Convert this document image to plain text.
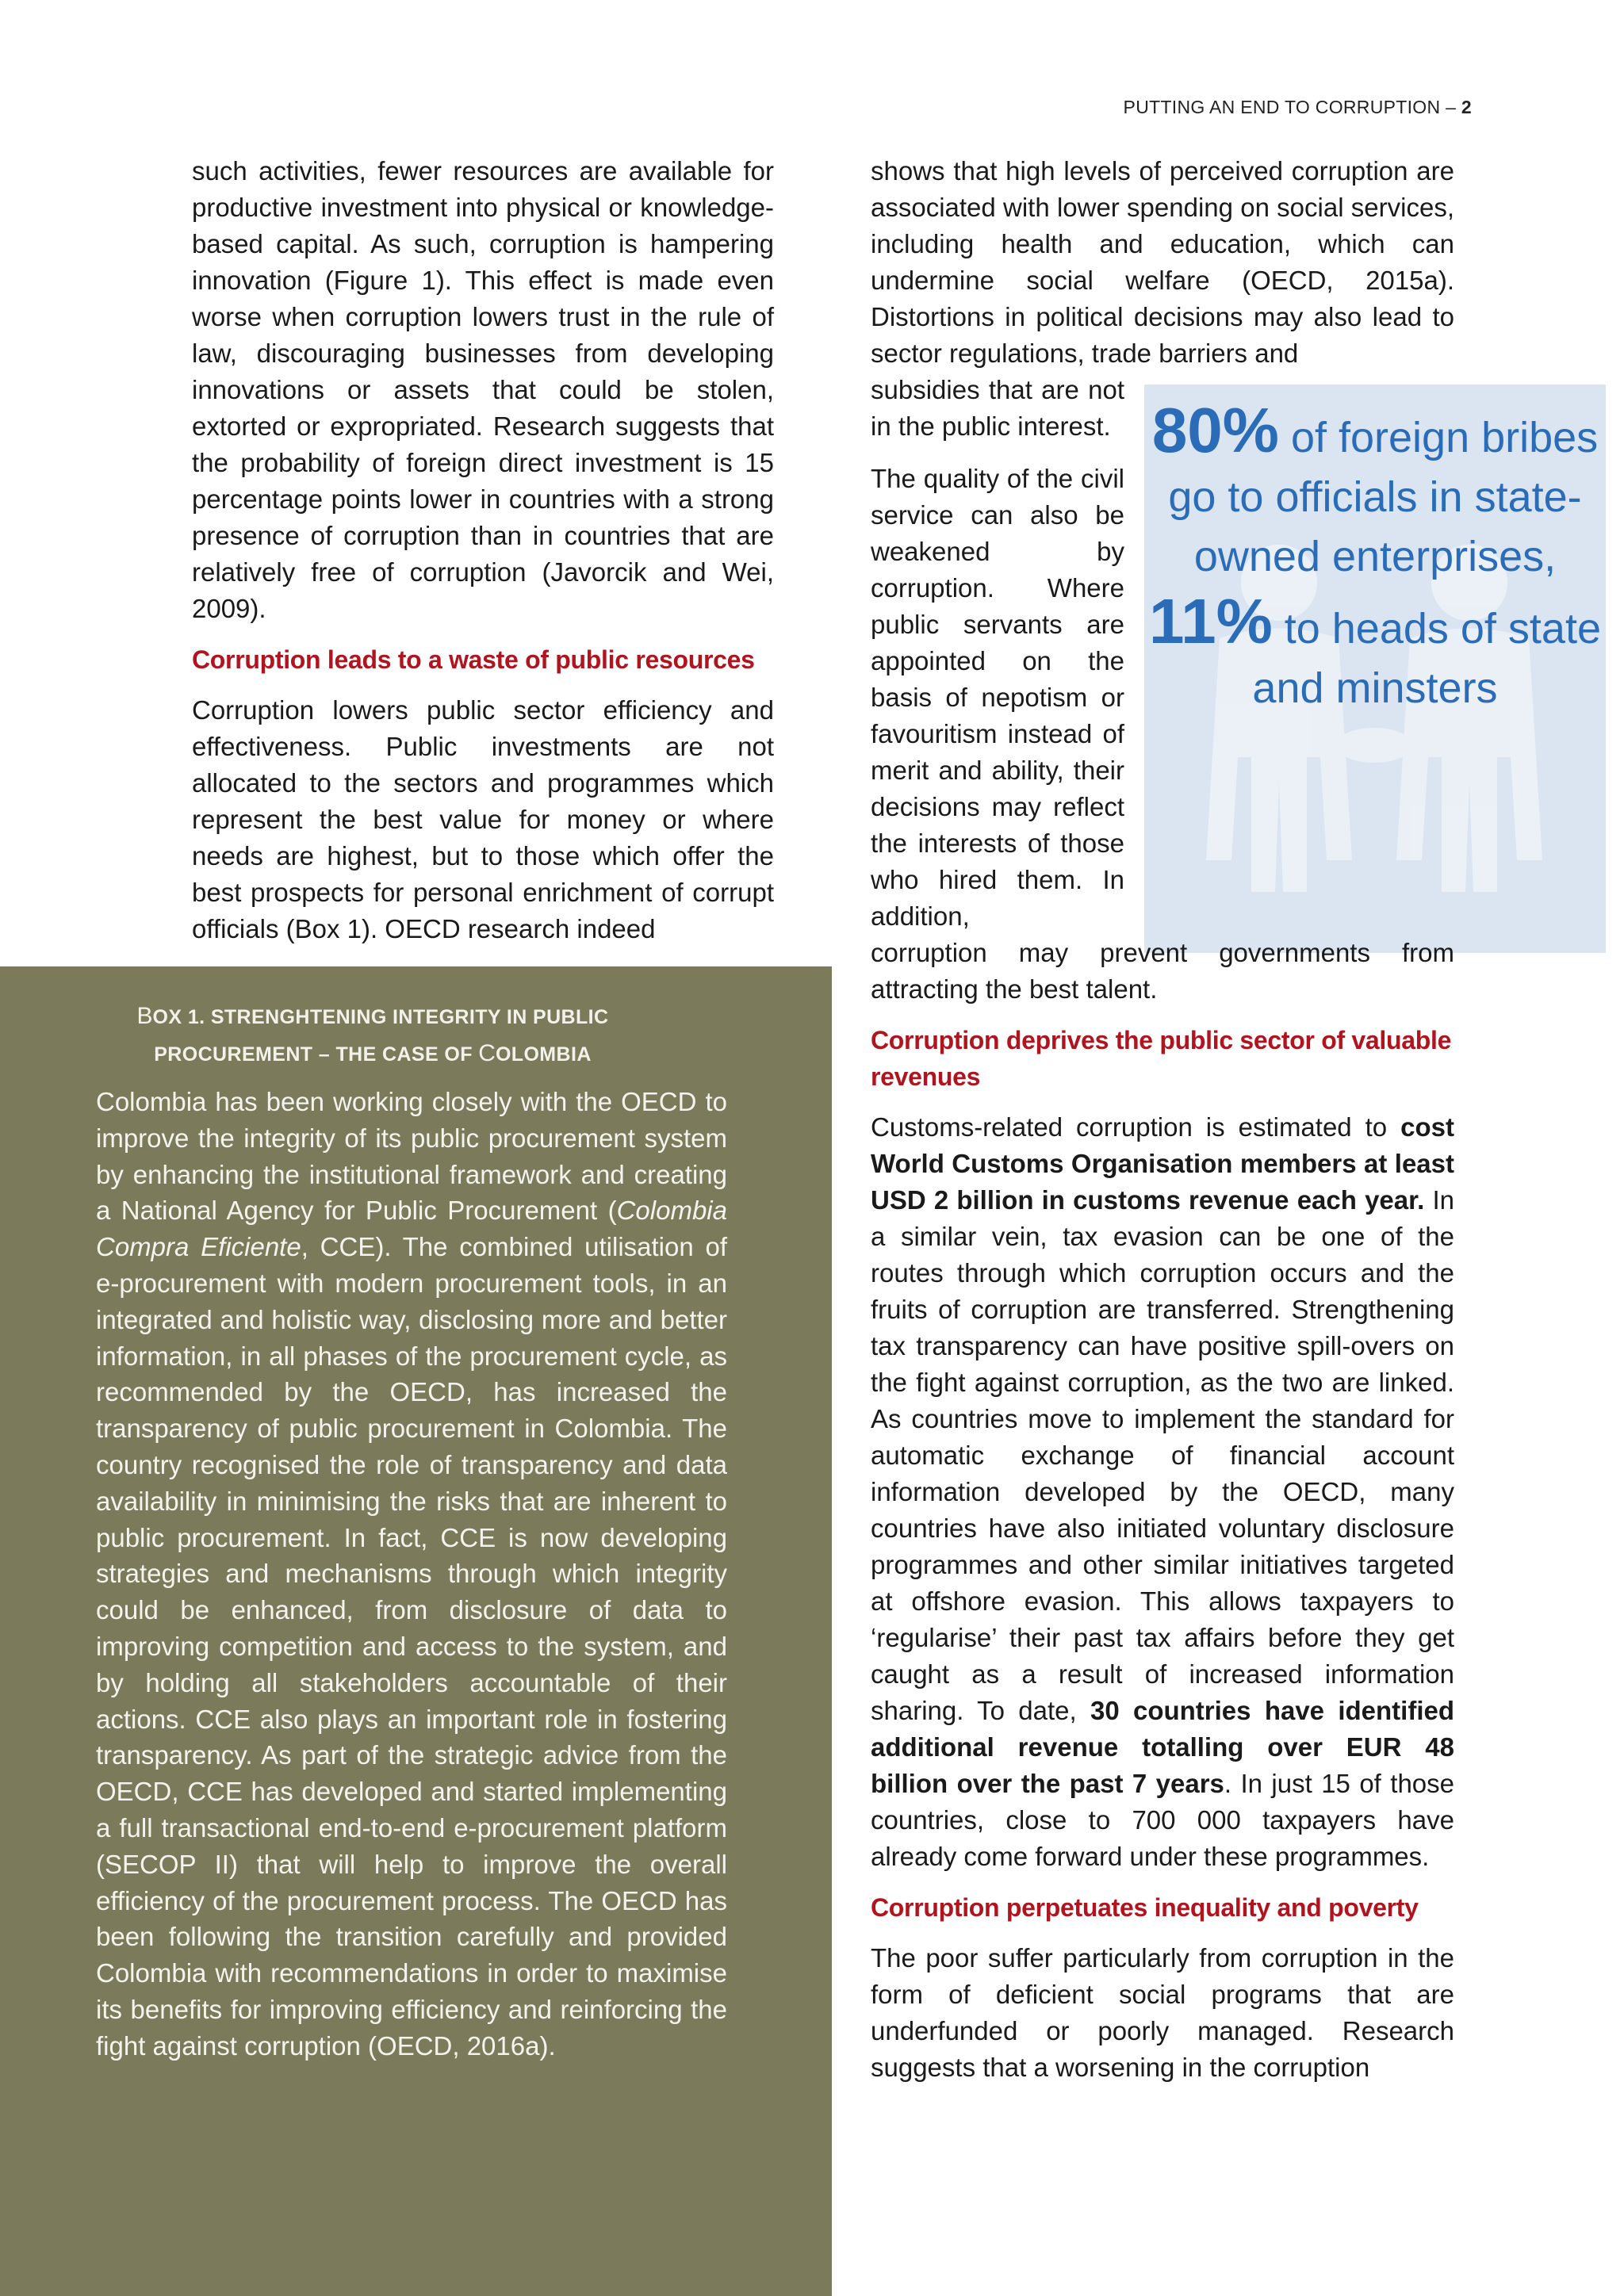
PUTTING AN END TO CORRUPTION – 2

such activities, fewer resources are available for productive investment into physical or knowledge-based capital. As such, corruption is hampering innovation (Figure 1). This effect is made even worse when corruption lowers trust in the rule of law, discouraging businesses from developing innovations or assets that could be stolen, extorted or expropriated. Research suggests that the probability of foreign direct investment is 15 percentage points lower in countries with a strong presence of corruption than in countries that are relatively free of corruption (Javorcik and Wei, 2009).

Corruption leads to a waste of public resources

Corruption lowers public sector efficiency and effectiveness. Public investments are not allocated to the sectors and programmes which represent the best value for money or where needs are highest, but to those which offer the best prospects for personal enrichment of corrupt officials (Box 1). OECD research indeed

80% of foreign bribes go to officials in state-owned enterprises,
11% to heads of state and minsters

shows that high levels of perceived corruption are associated with lower spending on social services, including health and education, which can undermine social welfare (OECD, 2015a). Distortions in political decisions may also lead to sector regulations, trade barriers and

subsidies that are not in the public interest.

The quality of the civil service can also be weakened by corruption. Where public servants are appointed on the basis of nepotism or favouritism instead of merit and ability, their decisions may reflect the interests of those who hired them. In addition,

corruption may prevent governments from attracting the best talent.

Corruption deprives the public sector of valuable revenues

Customs-related corruption is estimated to cost World Customs Organisation members at least USD 2 billion in customs revenue each year. In a similar vein, tax evasion can be one of the routes through which corruption occurs and the fruits of corruption are transferred. Strengthening tax transparency can have positive spill-overs on the fight against corruption, as the two are linked. As countries move to implement the standard for automatic exchange of financial account information developed by the OECD, many countries have also initiated voluntary disclosure programmes and other similar initiatives targeted at offshore evasion. This allows taxpayers to ‘regularise’ their past tax affairs before they get caught as a result of increased information sharing. To date, 30 countries have identified additional revenue totalling over EUR 48 billion over the past 7 years. In just 15 of those countries, close to 700 000 taxpayers have already come forward under these programmes.

Corruption perpetuates inequality and poverty

The poor suffer particularly from corruption in the form of deficient social programs that are underfunded or poorly managed. Research suggests that a worsening in the corruption

BOX 1. STRENGHTENING INTEGRITY IN PUBLIC
PROCUREMENT – THE CASE OF COLOMBIA

Colombia has been working closely with the OECD to improve the integrity of its public procurement system by enhancing the institutional framework and creating a National Agency for Public Procurement (Colombia Compra Eficiente, CCE). The combined utilisation of e-procurement with modern procurement tools, in an integrated and holistic way, disclosing more and better information, in all phases of the procurement cycle, as recommended by the OECD, has increased the transparency of public procurement in Colombia. The country recognised the role of transparency and data availability in minimising the risks that are inherent to public procurement. In fact, CCE is now developing strategies and mechanisms through which integrity could be enhanced, from disclosure of data to improving competition and access to the system, and by holding all stakeholders accountable of their actions. CCE also plays an important role in fostering transparency. As part of the strategic advice from the OECD, CCE has developed and started implementing a full transactional end-to-end e-procurement platform (SECOP II) that will help to improve the overall efficiency of the procurement process. The OECD has been following the transition carefully and provided Colombia with recommendations in order to maximise its benefits for improving efficiency and reinforcing the fight against corruption (OECD, 2016a).
